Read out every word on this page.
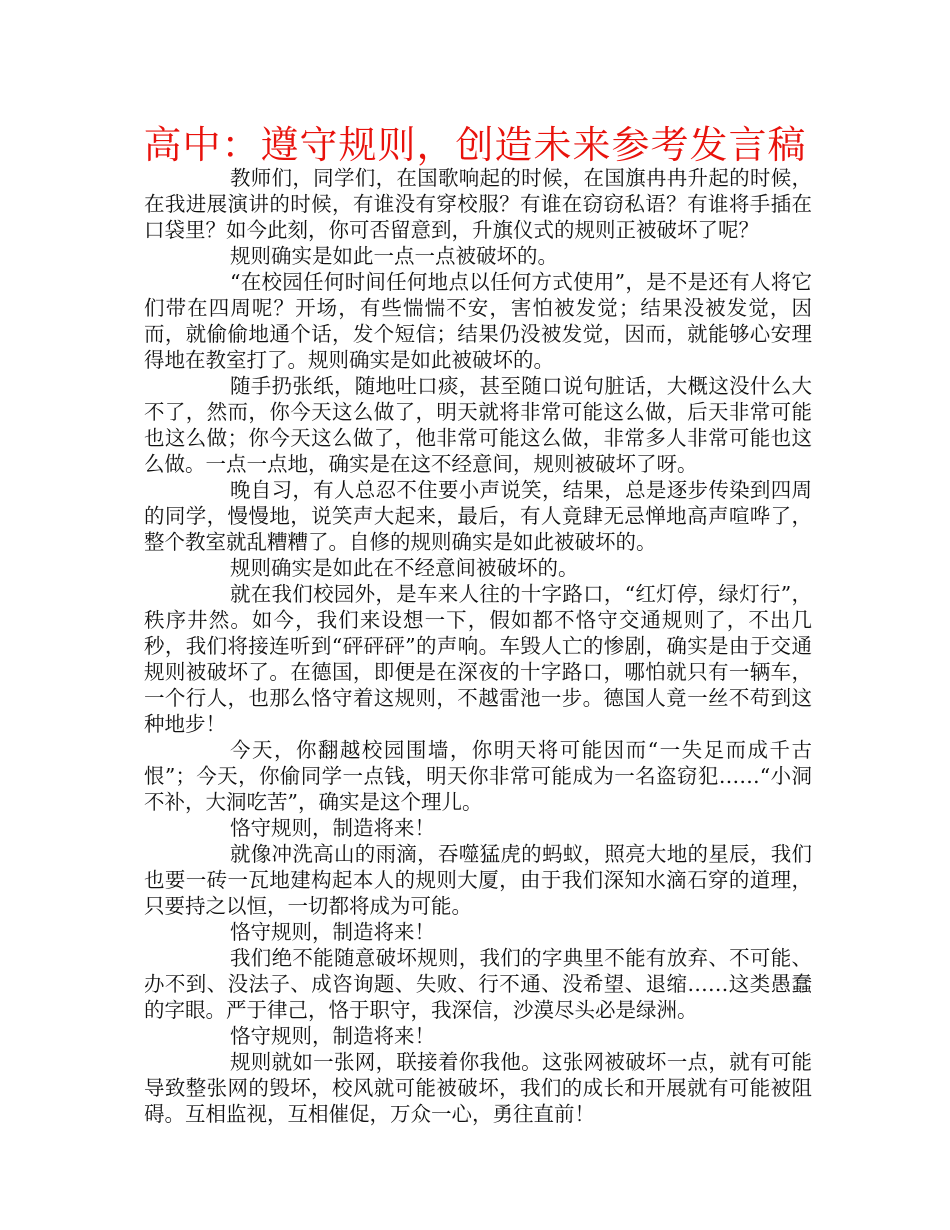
高中：遵守规则，创造未来参考发言稿

教师们，同学们，在国歌响起的时候，在国旗冉冉升起的时候，在我进展演讲的时候，有谁没有穿校服？有谁在窃窃私语？有谁将手插在口袋里？如今此刻，你可否留意到，升旗仪式的规则正被破坏了呢？

规则确实是如此一点一点被破坏的。

“在校园任何时间任何地点以任何方式使用”，是不是还有人将它们带在四周呢？开场，有些惴惴不安，害怕被发觉；结果没被发觉，因而，就偷偷地通个话，发个短信；结果仍没被发觉，因而，就能够心安理得地在教室打了。规则确实是如此被破坏的。

随手扔张纸，随地吐口痰，甚至随口说句脏话，大概这没什么大不了，然而，你今天这么做了，明天就将非常可能这么做，后天非常可能也这么做；你今天这么做了，他非常可能这么做，非常多人非常可能也这么做。一点一点地，确实是在这不经意间，规则被破坏了呀。

晚自习，有人总忍不住要小声说笑，结果，总是逐步传染到四周的同学，慢慢地，说笑声大起来，最后，有人竟肆无忌惮地高声喧哗了，整个教室就乱糟糟了。自修的规则确实是如此被破坏的。

规则确实是如此在不经意间被破坏的。

就在我们校园外，是车来人往的十字路口，“红灯停，绿灯行”，秩序井然。如今，我们来设想一下，假如都不恪守交通规则了，不出几秒，我们将接连听到“砰砰砰”的声响。车毁人亡的惨剧，确实是由于交通规则被破坏了。在德国，即便是在深夜的十字路口，哪怕就只有一辆车，一个行人，也那么恪守着这规则，不越雷池一步。德国人竟一丝不苟到这种地步！

今天，你翻越校园围墙，你明天将可能因而“一失足而成千古恨”；今天，你偷同学一点钱，明天你非常可能成为一名盗窃犯……“小洞不补，大洞吃苦”，确实是这个理儿。

恪守规则，制造将来！

就像冲洗高山的雨滴，吞噬猛虎的蚂蚁，照亮大地的星辰，我们也要一砖一瓦地建构起本人的规则大厦，由于我们深知水滴石穿的道理，只要持之以恒，一切都将成为可能。

恪守规则，制造将来！

我们绝不能随意破坏规则，我们的字典里不能有放弃、不可能、办不到、没法子、成咨询题、失败、行不通、没希望、退缩……这类愚蠢的字眼。严于律己，恪于职守，我深信，沙漠尽头必是绿洲。

恪守规则，制造将来！

规则就如一张网，联接着你我他。这张网被破坏一点，就有可能导致整张网的毁坏，校风就可能被破坏，我们的成长和开展就有可能被阻碍。互相监视，互相催促，万众一心，勇往直前！
